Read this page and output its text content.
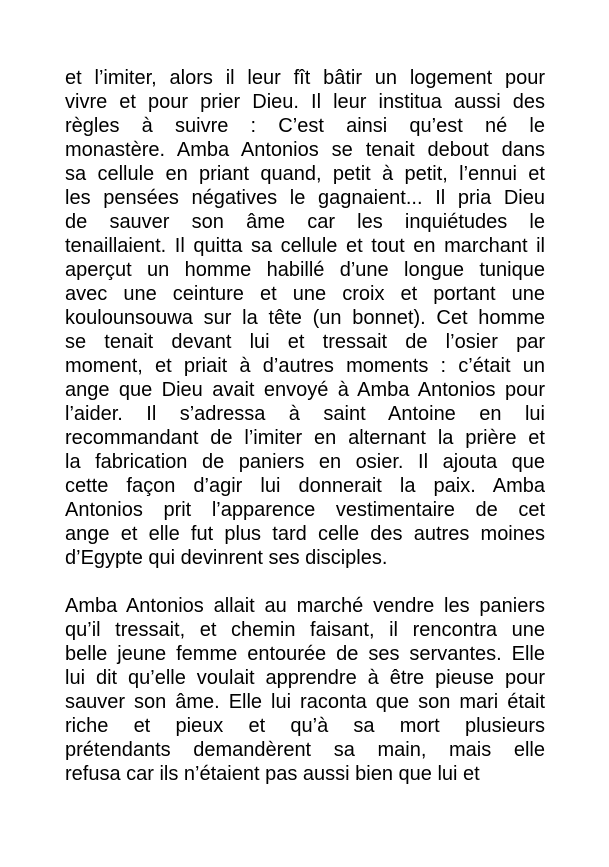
et l’imiter, alors il leur fît bâtir un logement pour
vivre et pour prier Dieu. Il leur institua aussi des
règles à suivre : C’est ainsi qu’est né le
monastère. Amba Antonios se tenait debout dans
sa cellule en priant quand, petit à petit, l’ennui et
les pensées négatives le gagnaient... Il pria Dieu
de sauver son âme car les inquiétudes le
tenaillaient. Il quitta sa cellule et tout en marchant il
aperçut un homme habillé d’une longue tunique
avec une ceinture et une croix et portant une
koulounsouwa sur la tête (un bonnet). Cet homme
se tenait devant lui et tressait de l’osier par
moment, et priait à d’autres moments : c’était un
ange que Dieu avait envoyé à Amba Antonios pour
l’aider. Il s’adressa à saint Antoine en lui
recommandant de l’imiter en alternant la prière et
la fabrication de paniers en osier. Il ajouta que
cette façon d’agir lui donnerait la paix. Amba
Antonios prit l’apparence vestimentaire de cet
ange et elle fut plus tard celle des autres moines
d’Egypte qui devinrent ses disciples.
Amba Antonios allait au marché vendre les paniers
qu’il tressait, et chemin faisant, il rencontra une
belle jeune femme entourée de ses servantes. Elle
lui dit qu’elle voulait apprendre à être pieuse pour
sauver son âme. Elle lui raconta que son mari était
riche et pieux et qu’à sa mort plusieurs
prétendants demandèrent sa main, mais elle
refusa car ils n’étaient pas aussi bien que lui et
